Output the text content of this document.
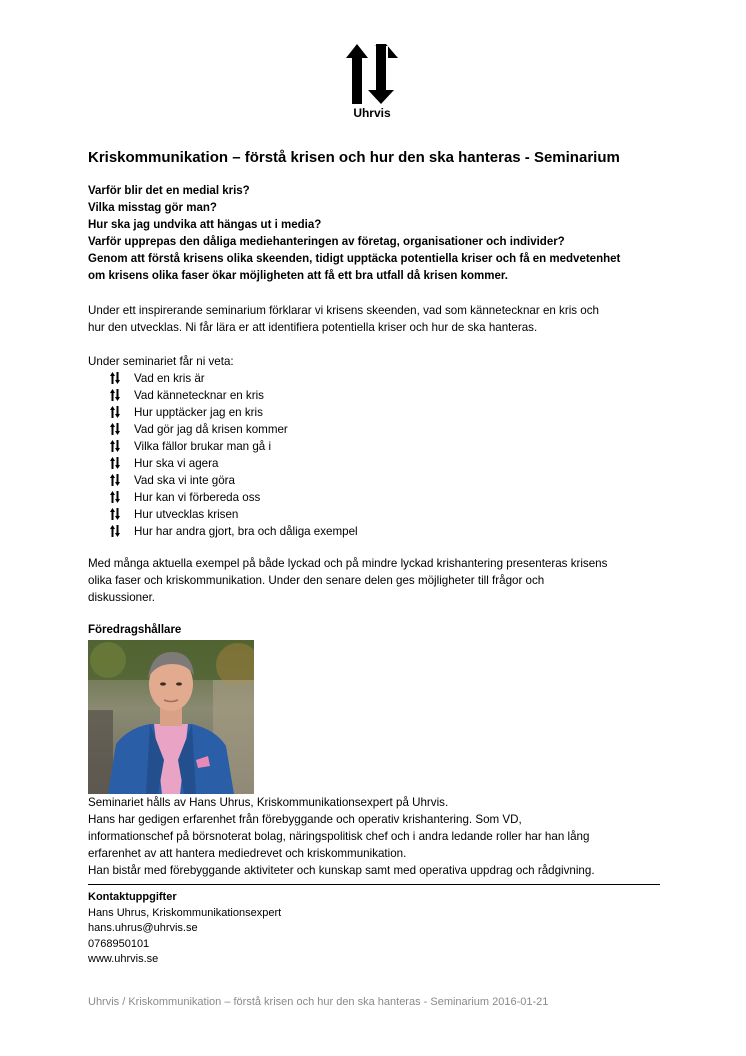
Uhrvis
Kriskommunikation – förstå krisen och hur den ska hanteras - Seminarium
Varför blir det en medial kris?
Vilka misstag gör man?
Hur ska jag undvika att hängas ut i media?
Varför upprepas den dåliga mediehanteringen av företag, organisationer och individer?
Genom att förstå krisens olika skeenden, tidigt upptäcka potentiella kriser och få en medvetenhet
om krisens olika faser ökar möjligheten att få ett bra utfall då krisen kommer.
Under ett inspirerande seminarium förklarar vi krisens skeenden, vad som kännetecknar en kris och
hur den utvecklas. Ni får lära er att identifiera potentiella kriser och hur de ska hanteras.
Under seminariet får ni veta:
Vad en kris är
Vad kännetecknar en kris
Hur upptäcker jag en kris
Vad gör jag då krisen kommer
Vilka fällor brukar man gå i
Hur ska vi agera
Vad ska vi inte göra
Hur kan vi förbereda oss
Hur utvecklas krisen
Hur har andra gjort, bra och dåliga exempel
Med många aktuella exempel på både lyckad och på mindre lyckad krishantering presenteras krisens
olika faser och kriskommunikation. Under den senare delen ges möjligheter till frågor och
diskussioner.
Föredragshållare
Seminariet hålls av Hans Uhrus, Kriskommunikationsexpert på Uhrvis.
Hans har gedigen erfarenhet från förebyggande och operativ krishantering. Som VD,
informationschef på börsnoterat bolag, näringspolitisk chef och i andra ledande roller har han lång
erfarenhet av att hantera mediedrevet och kriskommunikation.
Han bistår med förebyggande aktiviteter och kunskap samt med operativa uppdrag och rådgivning.
Kontaktuppgifter
Hans Uhrus, Kriskommunikationsexpert
hans.uhrus@uhrvis.se
0768950101
www.uhrvis.se
Uhrvis / Kriskommunikation – förstå krisen och hur den ska hanteras - Seminarium 2016-01-21
